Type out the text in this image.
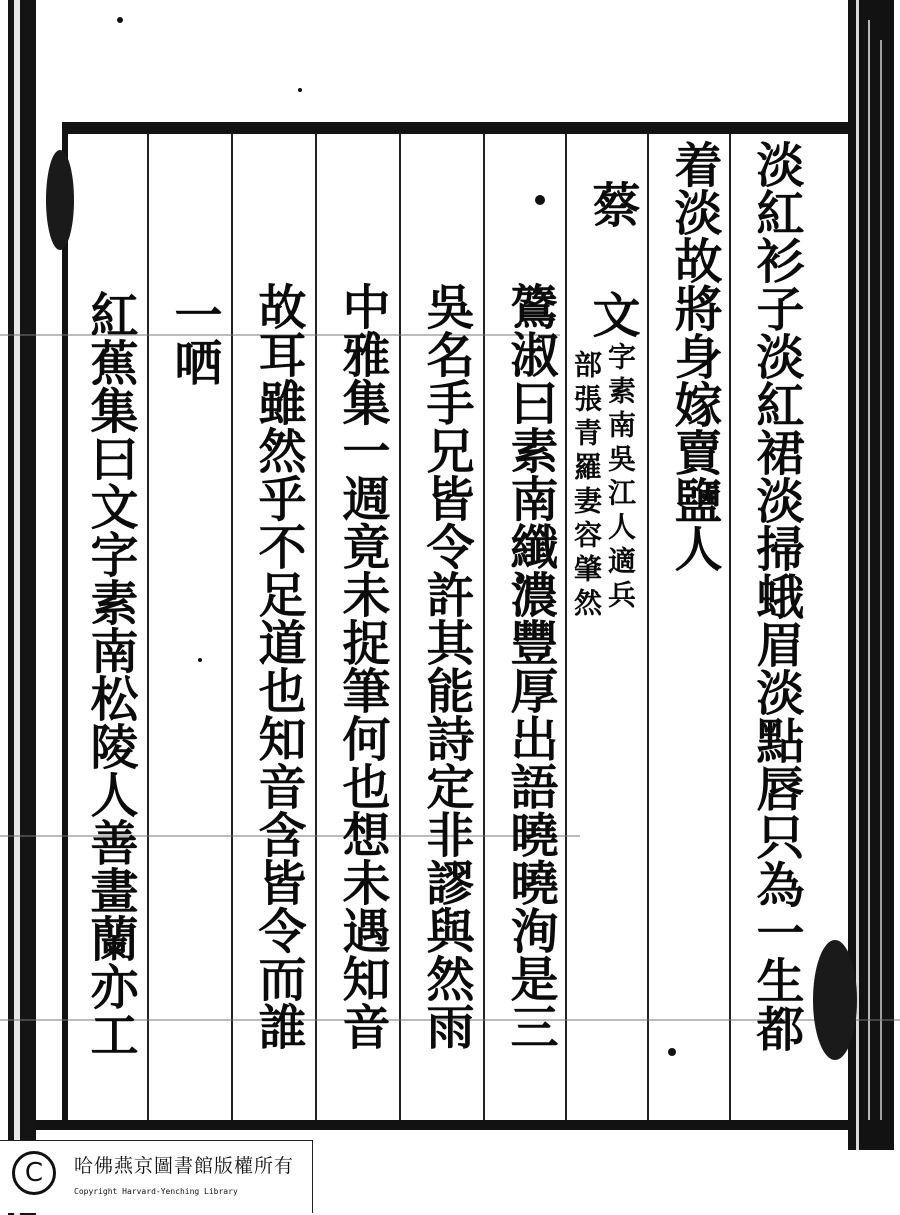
淡紅衫子淡紅裙淡掃蛾眉淡點唇只為一生都
着淡故將身嫁賣鹽人
蔡
文
字素南吳江人適兵
部張青羅妻容肇然
鷟淑曰素南纖濃豐厚出語曉曉洵是三
吳名手兄皆令許其能詩定非謬與然雨
中雅集一週竟未捉筆何也想未遇知音
故耳雖然乎不足道也知音含皆令而誰
一哂
紅蕉集曰文字素南松陵人善畫蘭亦工
C	哈佛燕京圖書館版權所有
Copyright Harvard-Yenching Library
